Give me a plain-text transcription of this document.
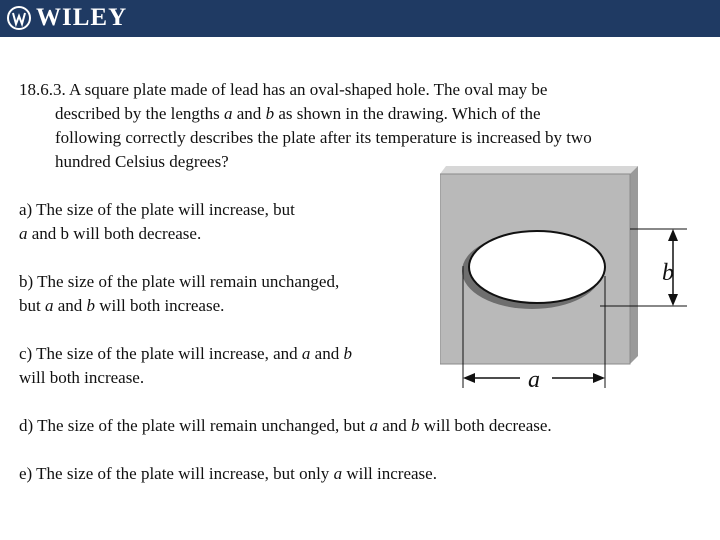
WILEY
18.6.3. A square plate made of lead has an oval-shaped hole. The oval may be
described by the lengths a and b as shown in the drawing. Which of the
following correctly describes the plate after its temperature is increased by two
hundred Celsius degrees?
a) The size of the plate will increase, but
a and b will both decrease.
b) The size of the plate will remain unchanged,
but a and b will both increase.
c) The size of the plate will increase, and a and b
will both increase.
d) The size of the plate will remain unchanged, but a and b will both decrease.
e) The size of the plate will increase, but only a will increase.
b
a
